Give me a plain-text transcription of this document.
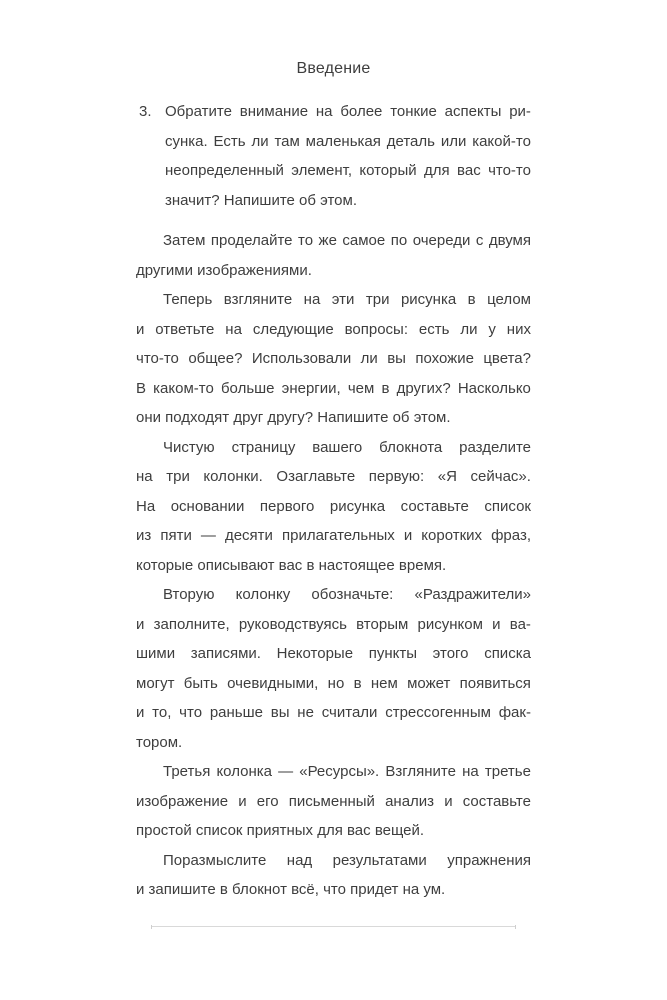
Введение
3. Обратите внимание на более тонкие аспекты ри-
сунка. Есть ли там маленькая деталь или какой-то
неопределенный элемент, который для вас что-то
значит? Напишите об этом.
Затем проделайте то же самое по очереди с двумя
другими изображениями.
Теперь взгляните на эти три рисунка в целом
и ответьте на следующие вопросы: есть ли у них
что-то общее? Использовали ли вы похожие цвета?
В каком-то больше энергии, чем в других? Насколько
они подходят друг другу? Напишите об этом.
Чистую страницу вашего блокнота разделите
на три колонки. Озаглавьте первую: «Я сейчас».
На основании первого рисунка составьте список
из пяти — десяти прилагательных и коротких фраз,
которые описывают вас в настоящее время.
Вторую колонку обозначьте: «Раздражители»
и заполните, руководствуясь вторым рисунком и ва-
шими записями. Некоторые пункты этого списка
могут быть очевидными, но в нем может появиться
и то, что раньше вы не считали стрессогенным фак-
тором.
Третья колонка — «Ресурсы». Взгляните на третье
изображение и его письменный анализ и составьте
простой список приятных для вас вещей.
Поразмыслите над результатами упражнения
и запишите в блокнот всё, что придет на ум.
